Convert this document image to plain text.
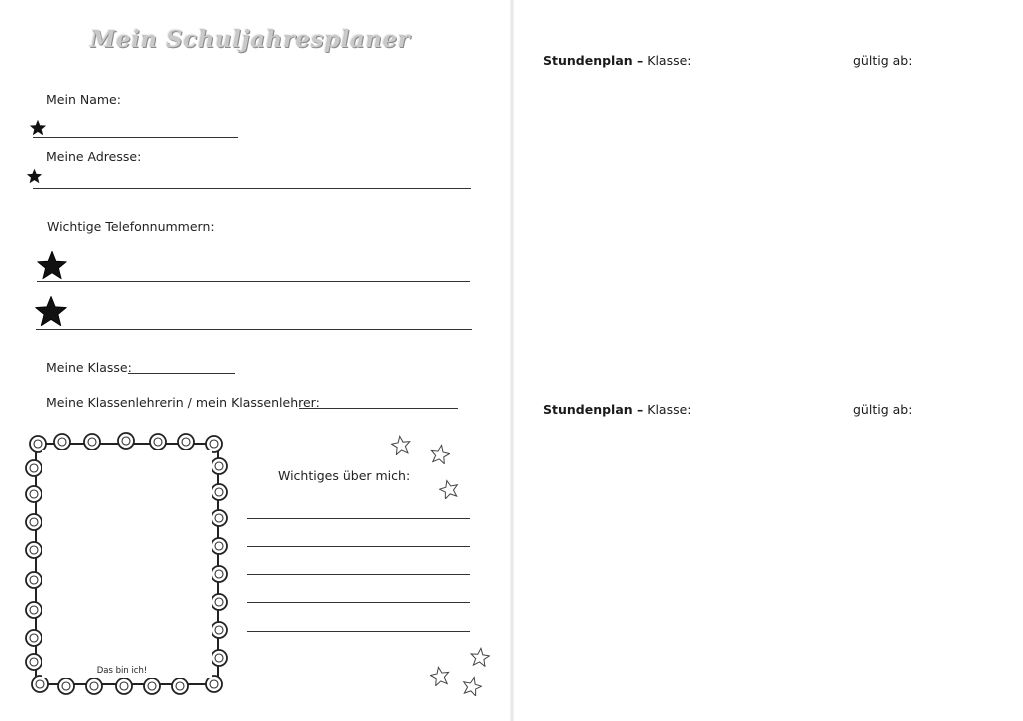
Mein Schuljahresplaner
Mein Name:
Meine Adresse:
Wichtige Telefonnummern:
Meine Klasse:
Meine Klassenlehrerin / mein Klassenlehrer:
Das bin ich!
Wichtiges über mich:
Stundenplan – Klasse:	gültig ab:
Stundenplan – Klasse:	gültig ab:
